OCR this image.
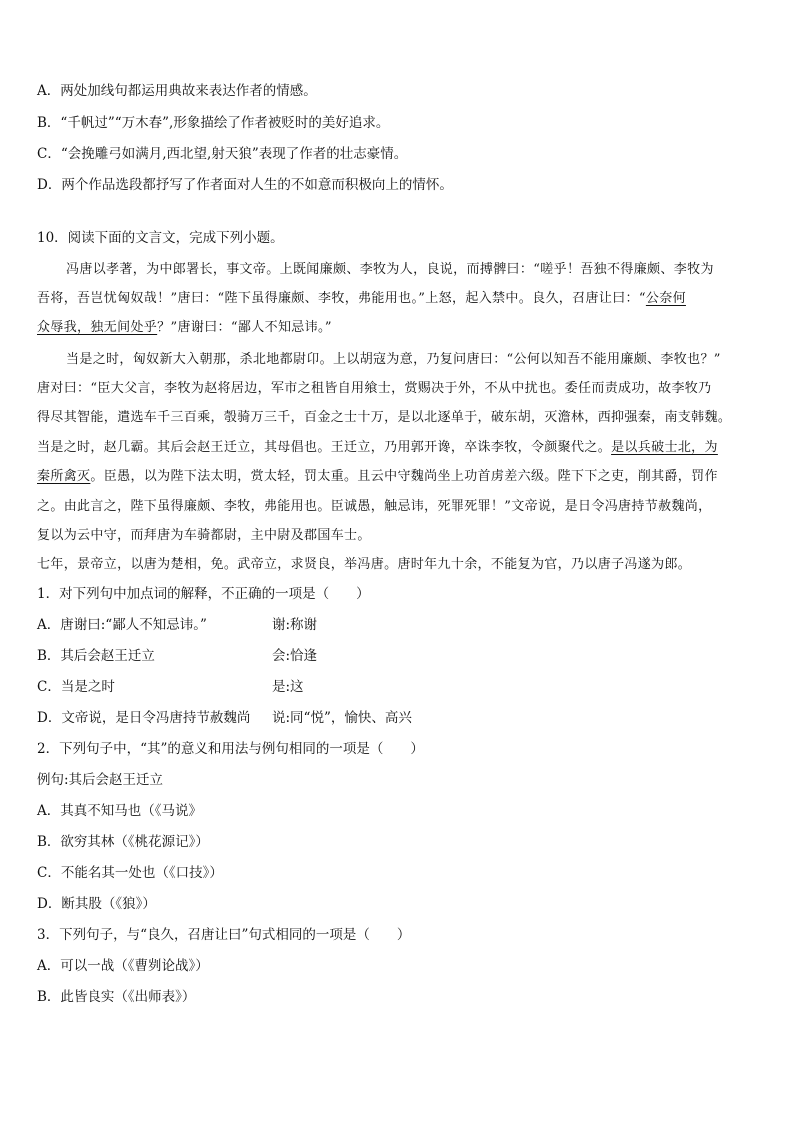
A．两处加线句都运用典故来表达作者的情感。
B．“千帆过”“万木春”,形象描绘了作者被贬时的美好追求。
C．“会挽雕弓如满月,西北望,射天狼”表现了作者的壮志豪情。
D．两个作品选段都抒写了作者面对人生的不如意而积极向上的情怀。
10．阅读下面的文言文，完成下列小题。
冯唐以孝著，为中郎署长，事文帝。上既闻廉颇、李牧为人，良说，而搏髀曰：“嗟乎！吾独不得廉颇、李牧为
吾将，吾岂忧匈奴哉！”唐曰：“陛下虽得廉颇、李牧，弗能用也。”上怒，起入禁中。良久，召唐让曰：“公奈何
众辱我，独无间处乎？”唐谢曰：“鄙人不知忌讳。”
当是之时，匈奴新大入朝那，杀北地都尉卬。上以胡寇为意，乃复问唐曰：“公何以知吾不能用廉颇、李牧也？”
唐对曰：“臣大父言，李牧为赵将居边，军市之租皆自用飨士，赏赐决于外，不从中扰也。委任而责成功，故李牧乃
得尽其智能，遣选车千三百乘，彀骑万三千，百金之士十万，是以北逐单于，破东胡，灭澹林，西抑强秦，南支韩魏。
当是之时，赵几霸。其后会赵王迁立，其母倡也。王迁立，乃用郭开谗，卒诛李牧，令颜聚代之。是以兵破士北，为
秦所禽灭。臣愚，以为陛下法太明，赏太轻，罚太重。且云中守魏尚坐上功首虏差六级。陛下下之吏，削其爵，罚作
之。由此言之，陛下虽得廉颇、李牧，弗能用也。臣诚愚，触忌讳，死罪死罪！”文帝说，是日令冯唐持节赦魏尚，
复以为云中守，而拜唐为车骑都尉，主中尉及郡国车士。
七年，景帝立，以唐为楚相，免。武帝立，求贤良，举冯唐。唐时年九十余，不能复为官，乃以唐子冯遂为郎。
1．对下列句中加点词的解释，不正确的一项是（　　）
A．唐谢曰:“鄙人不知忌讳。”	谢:称谢
B．其后会赵王迁立	会:恰逢
C．当是之时	是:这
D．文帝说，是日令冯唐持节赦魏尚 说:同“悦”，愉快、高兴
2．下列句子中，“其”的意义和用法与例句相同的一项是（　　）
例句:其后会赵王迁立
A．其真不知马也（《马说》
B．欲穷其林（《桃花源记》）
C．不能名其一处也（《口技》）
D．断其股（《狼》）
3．下列句子，与“良久，召唐让曰”句式相同的一项是（　　）
A．可以一战（《曹刿论战》）
B．此皆良实（《出师表》）
